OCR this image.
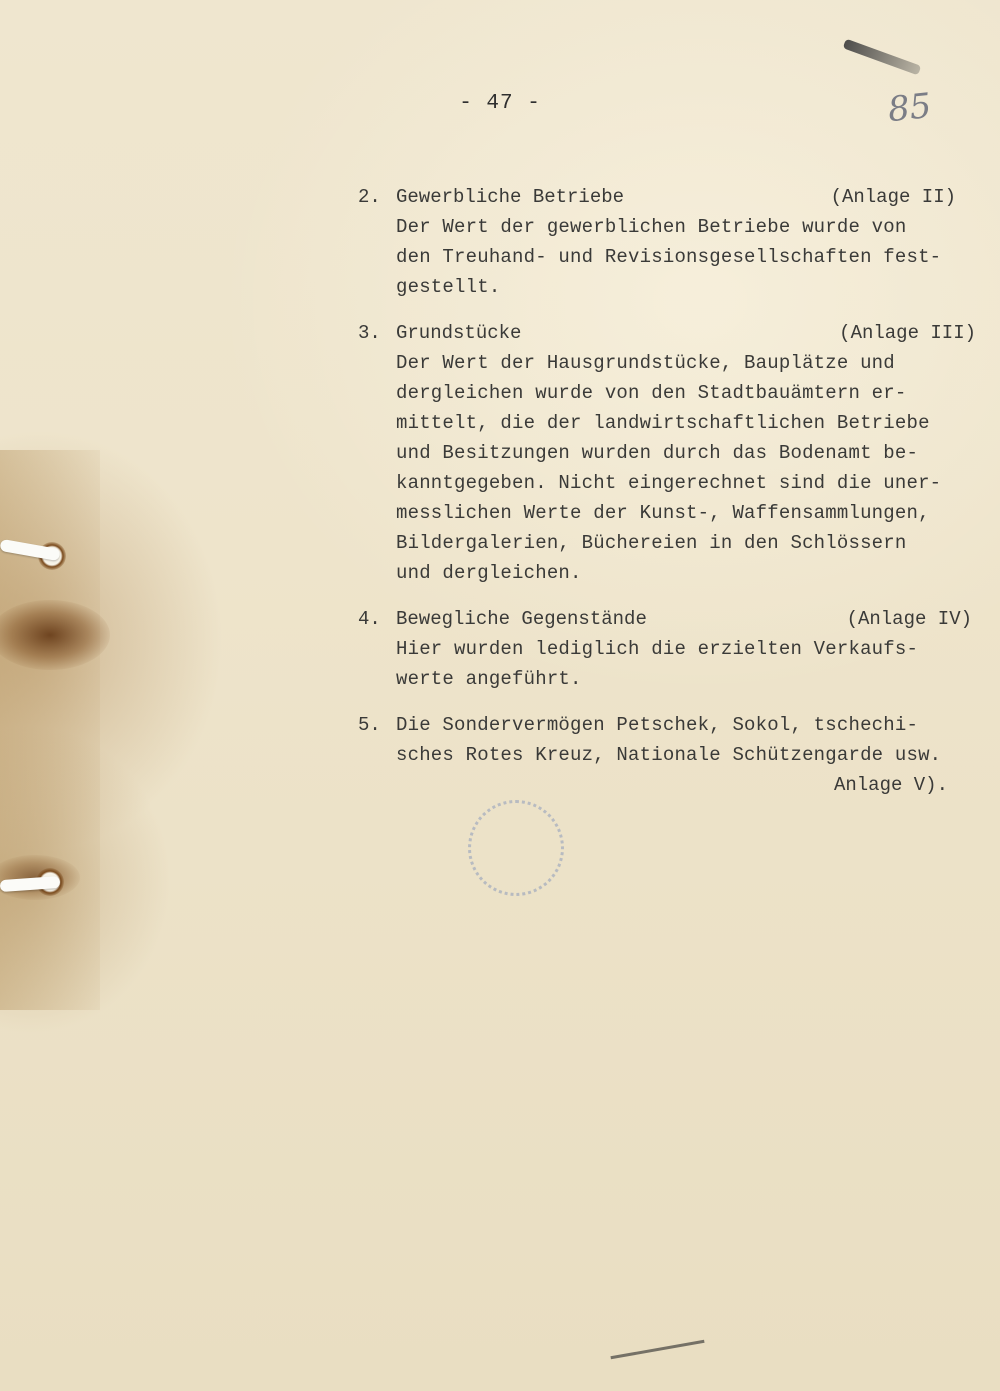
85
- 47 -
2. Gewerbliche Betriebe	(Anlage II)
Der Wert der gewerblichen Betriebe wurde von
den Treuhand- und Revisionsgesellschaften fest-
gestellt.
3. Grundstücke	(Anlage III)
Der Wert der Hausgrundstücke, Bauplätze und
dergleichen wurde von den Stadtbauämtern er-
mittelt, die der landwirtschaftlichen Betriebe
und Besitzungen wurden durch das Bodenamt be-
kanntgegeben. Nicht eingerechnet sind die uner-
messlichen Werte der Kunst-, Waffensammlungen,
Bildergalerien, Büchereien in den Schlössern
und dergleichen.
4. Bewegliche Gegenstände	(Anlage IV)
Hier wurden lediglich die erzielten Verkaufs-
werte angeführt.
5. Die Sondervermögen Petschek, Sokol, tschechi-
sches Rotes Kreuz, Nationale Schützengarde usw.
Anlage V).
